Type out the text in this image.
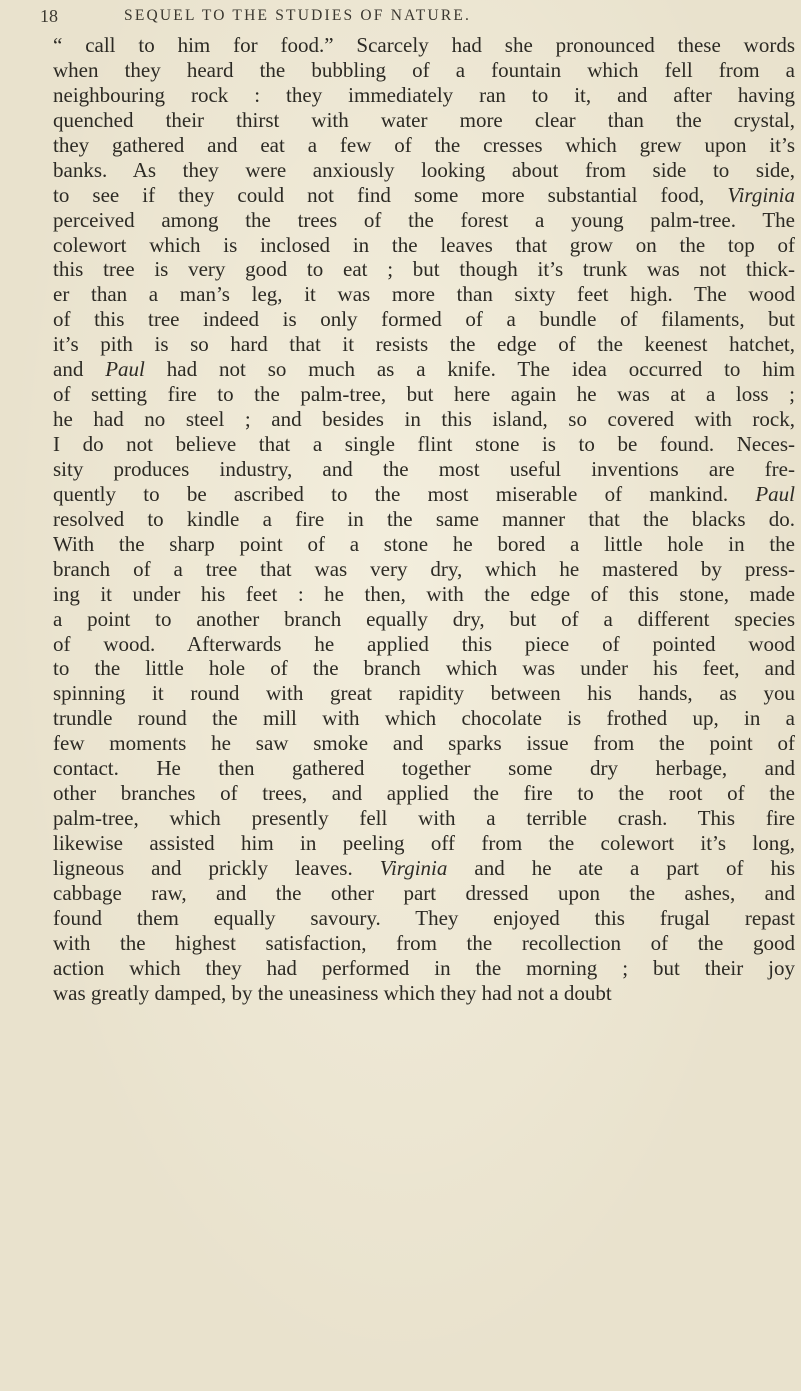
18	SEQUEL TO THE STUDIES OF NATURE.
“ call to him for food.” Scarcely had she pronounced these words
when they heard the bubbling of a fountain which fell from a
neighbouring rock : they immediately ran to it, and after having
quenched their thirst with water more clear than the crystal,
they gathered and eat a few of the cresses which grew upon it’s
banks. As they were anxiously looking about from side to side,
to see if they could not find some more substantial food, Virginia
perceived among the trees of the forest a young palm-tree. The
colewort which is inclosed in the leaves that grow on the top of
this tree is very good to eat ; but though it’s trunk was not thick-
er than a man’s leg, it was more than sixty feet high. The wood
of this tree indeed is only formed of a bundle of filaments, but
it’s pith is so hard that it resists the edge of the keenest hatchet,
and Paul had not so much as a knife. The idea occurred to him
of setting fire to the palm-tree, but here again he was at a loss ;
he had no steel ; and besides in this island, so covered with rock,
I do not believe that a single flint stone is to be found. Neces-
sity produces industry, and the most useful inventions are fre-
quently to be ascribed to the most miserable of mankind. Paul
resolved to kindle a fire in the same manner that the blacks do.
With the sharp point of a stone he bored a little hole in the
branch of a tree that was very dry, which he mastered by press-
ing it under his feet : he then, with the edge of this stone, made
a point to another branch equally dry, but of a different species
of wood. Afterwards he applied this piece of pointed wood
to the little hole of the branch which was under his feet, and
spinning it round with great rapidity between his hands, as you
trundle round the mill with which chocolate is frothed up, in a
few moments he saw smoke and sparks issue from the point of
contact. He then gathered together some dry herbage, and
other branches of trees, and applied the fire to the root of the
palm-tree, which presently fell with a terrible crash. This fire
likewise assisted him in peeling off from the colewort it’s long,
ligneous and prickly leaves. Virginia and he ate a part of his
cabbage raw, and the other part dressed upon the ashes, and
found them equally savoury. They enjoyed this frugal repast
with the highest satisfaction, from the recollection of the good
action which they had performed in the morning ; but their joy
was greatly damped, by the uneasiness which they had not a doubt
